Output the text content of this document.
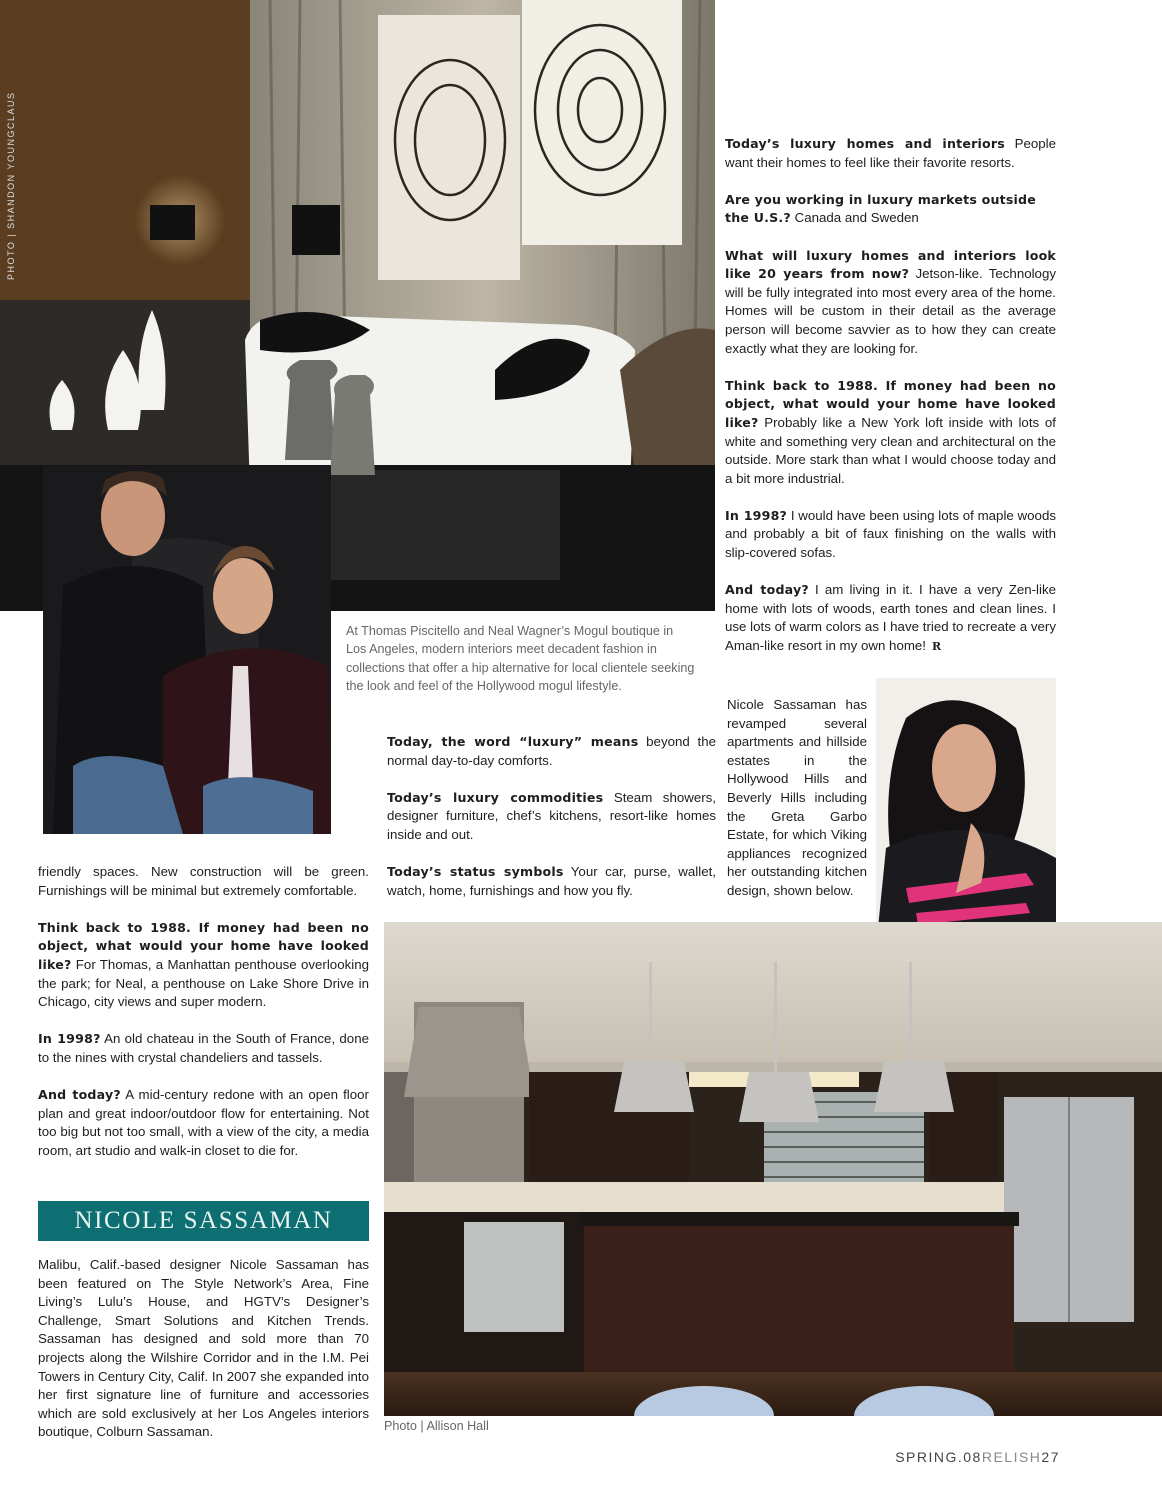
PHOTO | SHANDON YOUNGCLAUS
At Thomas Piscitello and Neal Wagner’s Mogul boutique in Los Angeles, modern interiors meet decadent fashion in collections that offer a hip alternative for local clientele seeking the look and feel of the Hollywood mogul lifestyle.

Today’s luxury homes and interiors People want their homes to feel like their favorite resorts.

Are you working in luxury markets outside the U.S.? Canada and Sweden

What will luxury homes and interiors look like 20 years from now? Jetson-like. Technology will be fully integrated into most every area of the home. Homes will be custom in their detail as the average person will become savvier as to how they can create exactly what they are looking for.

Think back to 1988. If money had been no object, what would your home have looked like? Probably like a New York loft inside with lots of white and something very clean and architectural on the outside. More stark than what I would choose today and a bit more industrial.

In 1998? I would have been using lots of maple woods and probably a bit of faux finishing on the walls with slip-covered sofas.

And today? I am living in it. I have a very Zen-like home with lots of woods, earth tones and clean lines. I use lots of warm colors as I have tried to recreate a very Aman-like resort in my own home! R

Nicole Sassaman has revamped several apartments and hillside estates in the Hollywood Hills and Beverly Hills including the Greta Garbo Estate, for which Viking appliances recognized her outstanding kitchen design, shown below.

Today, the word “luxury” means beyond the normal day-to-day comforts.

Today’s luxury commodities Steam showers, designer furniture, chef’s kitchens, resort-like homes inside and out.

Today’s status symbols Your car, purse, wallet, watch, home, furnishings and how you fly.

friendly spaces. New construction will be green. Furnishings will be minimal but extremely comfortable.

Think back to 1988. If money had been no object, what would your home have looked like? For Thomas, a Manhattan penthouse overlooking the park; for Neal, a penthouse on Lake Shore Drive in Chicago, city views and super modern.

In 1998? An old chateau in the South of France, done to the nines with crystal chandeliers and tassels.

And today? A mid-century redone with an open floor plan and great indoor/outdoor flow for entertaining. Not too big but not too small, with a view of the city, a media room, art studio and walk-in closet to die for.

NICOLE SASSAMAN

Malibu, Calif.-based designer Nicole Sassaman has been featured on The Style Network’s Area, Fine Living’s Lulu’s House, and HGTV’s Designer’s Challenge, Smart Solutions and Kitchen Trends. Sassaman has designed and sold more than 70 projects along the Wilshire Corridor and in the I.M. Pei Towers in Century City, Calif. In 2007 she expanded into her first signature line of furniture and accessories which are sold exclusively at her Los Angeles interiors boutique, Colburn Sassaman.	Photo | Allison Hall
SPRING.08RELISH27
